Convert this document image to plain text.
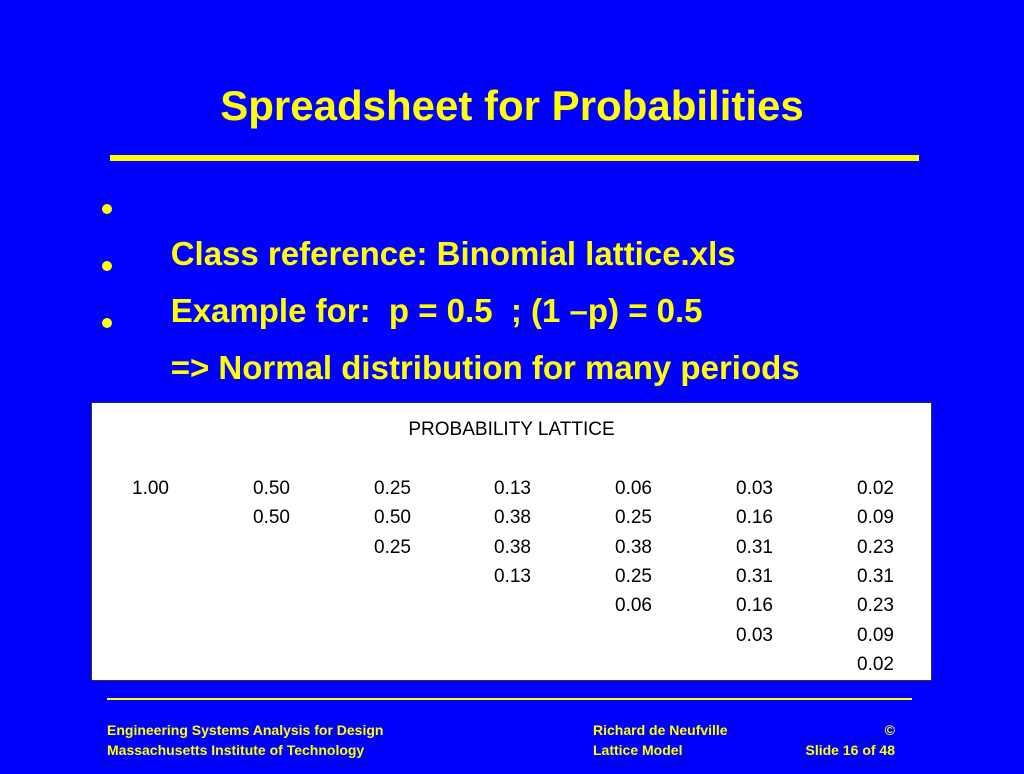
Spreadsheet for Probabilities

Class reference: Binomial lattice.xls

Example for:  p = 0.5  ; (1 –p) = 0.5

=> Normal distribution for many periods

PROBABILITY LATTICE
1.00	0.50
0.50
0.25
0.50
0.25
0.13
0.38
0.38
0.13
0.06
0.25
0.38
0.25
0.06
0.03
0.16
0.31
0.31
0.16
0.03
0.02
0.09
0.23
0.31
0.23
0.09
0.02
Engineering Systems Analysis for Design
Massachusetts Institute of Technology
Richard de Neufville
Lattice Model
©
Slide 16 of 48
